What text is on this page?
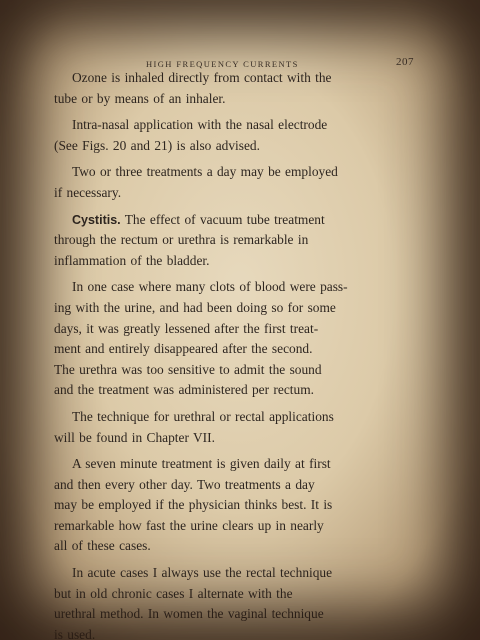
HIGH FREQUENCY CURRENTS	207
Ozone is inhaled directly from contact with the
tube or by means of an inhaler.
Intra-nasal application with the nasal electrode
(See Figs. 20 and 21) is also advised.
Two or three treatments a day may be employed
if necessary.
Cystitis. The effect of vacuum tube treatment
through the rectum or urethra is remarkable in
inflammation of the bladder.
In one case where many clots of blood were pass-
ing with the urine, and had been doing so for some
days, it was greatly lessened after the first treat-
ment and entirely disappeared after the second.
The urethra was too sensitive to admit the sound
and the treatment was administered per rectum.
The technique for urethral or rectal applications
will be found in Chapter VII.
A seven minute treatment is given daily at first
and then every other day. Two treatments a day
may be employed if the physician thinks best. It is
remarkable how fast the urine clears up in nearly
all of these cases.
In acute cases I always use the rectal technique
but in old chronic cases I alternate with the
urethral method. In women the vaginal technique
is used.
